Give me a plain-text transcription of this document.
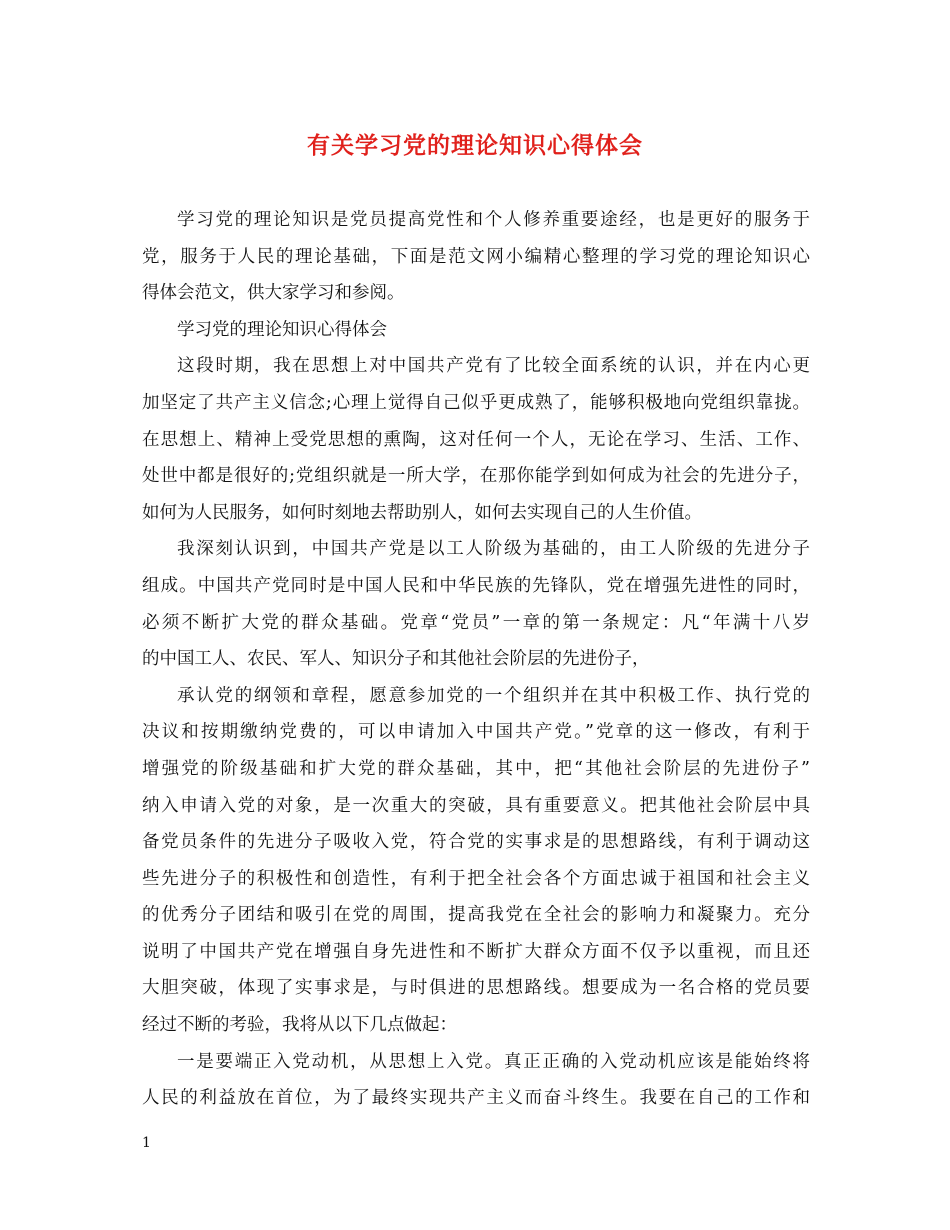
有关学习党的理论知识心得体会
学习党的理论知识是党员提高党性和个人修养重要途经，也是更好的服务于
党，服务于人民的理论基础，下面是范文网小编精心整理的学习党的理论知识心
得体会范文，供大家学习和参阅。
学习党的理论知识心得体会
这段时期，我在思想上对中国共产党有了比较全面系统的认识，并在内心更
加坚定了共产主义信念;心理上觉得自己似乎更成熟了，能够积极地向党组织靠拢。
在思想上、精神上受党思想的熏陶，这对任何一个人，无论在学习、生活、工作、
处世中都是很好的;党组织就是一所大学，在那你能学到如何成为社会的先进分子，
如何为人民服务，如何时刻地去帮助别人，如何去实现自己的人生价值。
我深刻认识到，中国共产党是以工人阶级为基础的，由工人阶级的先进分子
组成。中国共产党同时是中国人民和中华民族的先锋队，党在增强先进性的同时，
必须不断扩大党的群众基础。党章“党员”一章的第一条规定：凡“年满十八岁
的中国工人、农民、军人、知识分子和其他社会阶层的先进份子，
承认党的纲领和章程，愿意参加党的一个组织并在其中积极工作、执行党的
决议和按期缴纳党费的，可以申请加入中国共产党。”党章的这一修改，有利于
增强党的阶级基础和扩大党的群众基础，其中，把“其他社会阶层的先进份子”
纳入申请入党的对象，是一次重大的突破，具有重要意义。把其他社会阶层中具
备党员条件的先进分子吸收入党，符合党的实事求是的思想路线，有利于调动这
些先进分子的积极性和创造性，有利于把全社会各个方面忠诚于祖国和社会主义
的优秀分子团结和吸引在党的周围，提高我党在全社会的影响力和凝聚力。充分
说明了中国共产党在增强自身先进性和不断扩大群众方面不仅予以重视，而且还
大胆突破，体现了实事求是，与时俱进的思想路线。想要成为一名合格的党员要
经过不断的考验，我将从以下几点做起：
一是要端正入党动机，从思想上入党。真正正确的入党动机应该是能始终将
人民的利益放在首位，为了最终实现共产主义而奋斗终生。我要在自己的工作和
1
